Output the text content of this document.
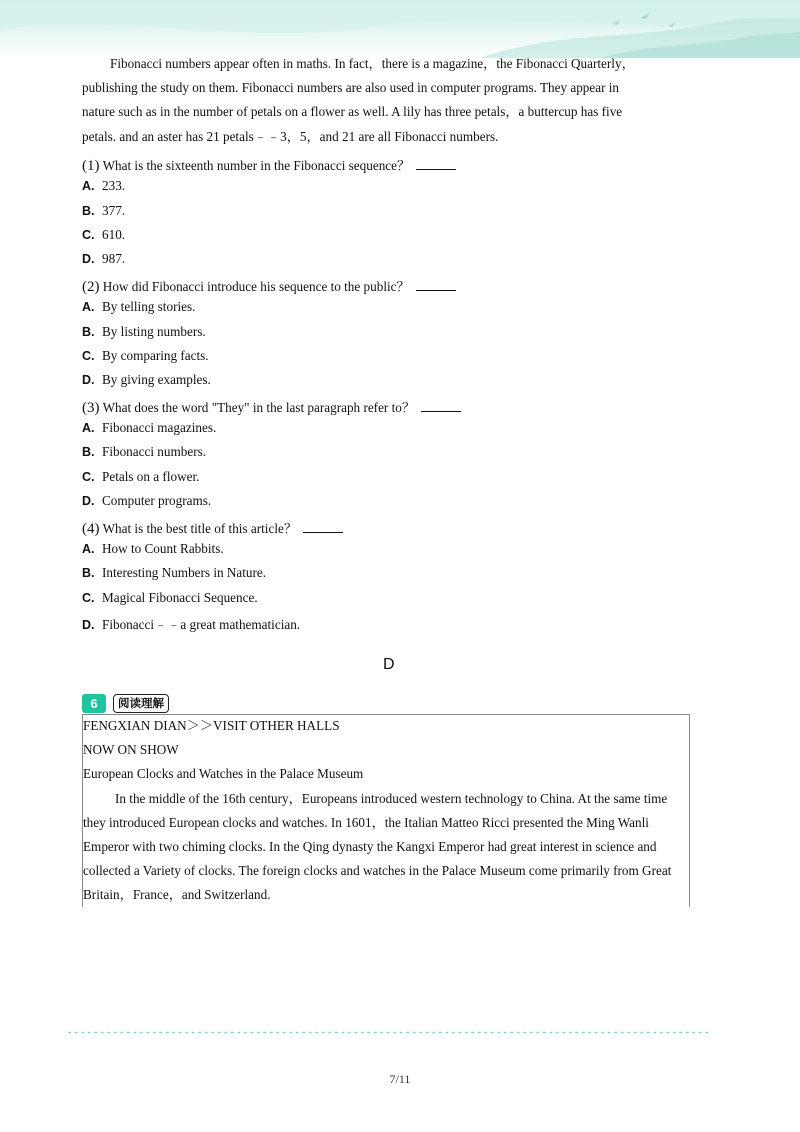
Fibonacci numbers appear often in maths. In fact，there is a magazine，the Fibonacci Quarterly，

publishing the study on them. Fibonacci numbers are also used in computer programs. They appear in
nature such as in the number of petals on a flower as well. A lily has three petals，a buttercup has five
petals. and an aster has 21 petals﹣﹣3，5，and 21 are all Fibonacci numbers.
(1) What is the sixteenth number in the Fibonacci sequence？
A. 233.
B. 377.
C. 610.
D. 987.
(2) How did Fibonacci introduce his sequence to the public？
A. By telling stories.
B. By listing numbers.
C. By comparing facts.
D. By giving examples.
(3) What does the word "They" in the last paragraph refer to？
A. Fibonacci magazines.
B. Fibonacci numbers.
C. Petals on a flower.
D. Computer programs.
(4) What is the best title of this article？
A. How to Count Rabbits.
B. Interesting Numbers in Nature.
C. Magical Fibonacci Sequence.
D. Fibonacci﹣﹣a great mathematician.
D
6	阅读理解

FENGXIAN DIAN＞＞VISIT OTHER HALLS

NOW ON SHOW

European Clocks and Watches in the Palace Museum

In the middle of the 16th century，Europeans introduced western technology to China. At the same time they introduced European clocks and watches. In 1601，the Italian Matteo Ricci presented the Ming Wanli Emperor with two chiming clocks. In the Qing dynasty the Kangxi Emperor had great interest in science and collected a Variety of clocks. The foreign clocks and watches in the Palace Museum come primarily from Great Britain，France，and Switzerland.

7/11
